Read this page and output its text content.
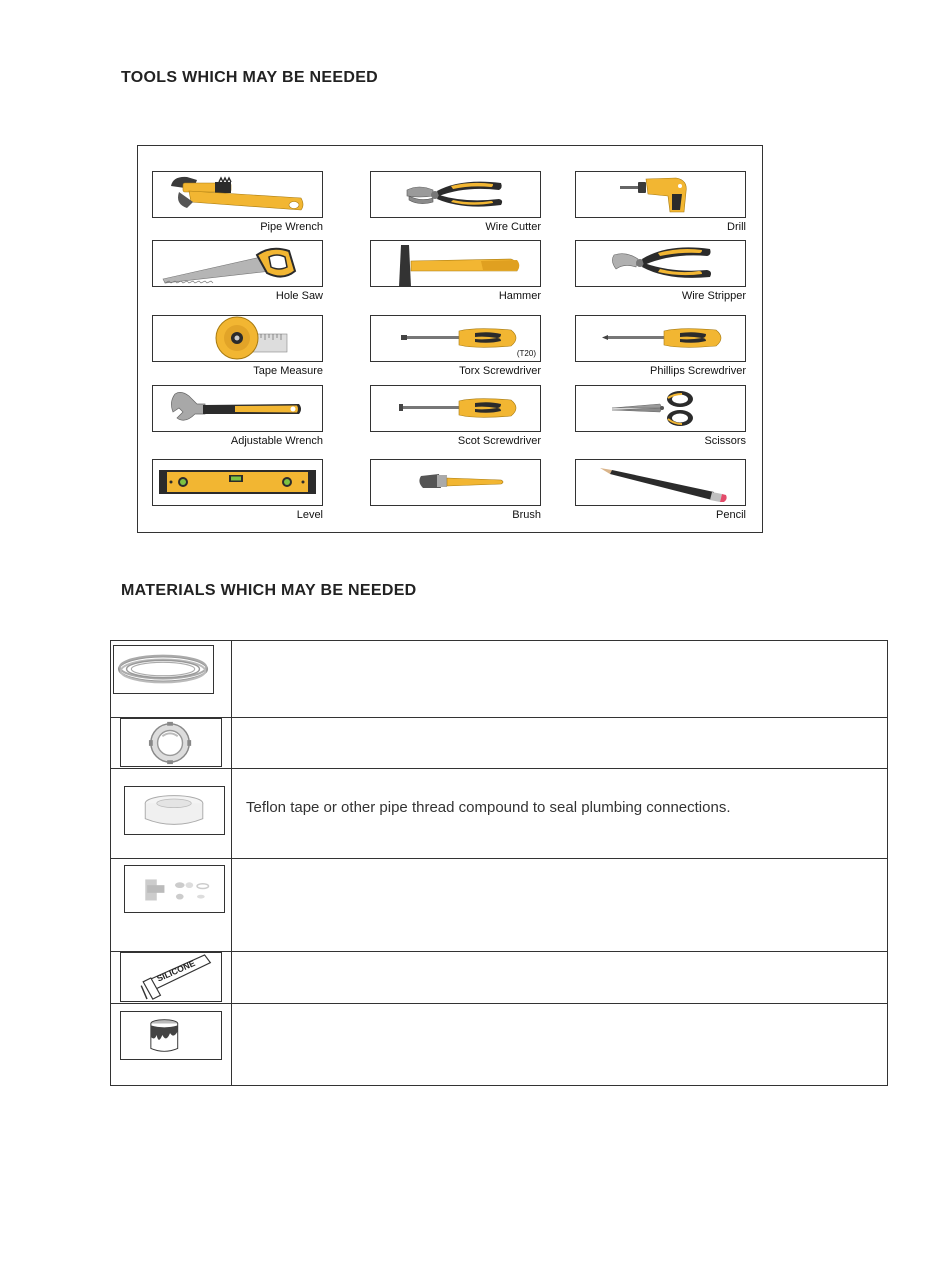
TOOLS WHICH MAY BE NEEDED
Pipe Wrench	Wire Cutter	Drill
Hole Saw	Hammer	Wire Stripper
Tape Measure
(T20)
Torx Screwdriver	Phillips Screwdriver
Adjustable Wrench	Scot Screwdriver	Scissors
Level	Brush	Pencil
MATERIALS WHICH MAY BE NEEDED
Teflon tape or other pipe thread compound to seal plumbing connections.
SILICONE
